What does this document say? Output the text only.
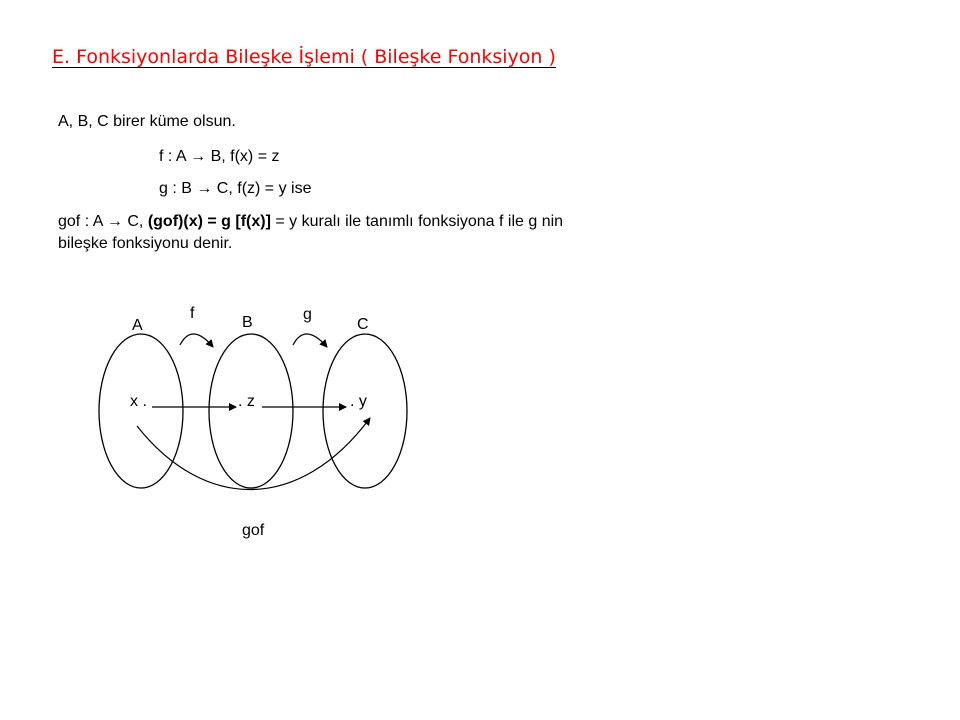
E. Fonksiyonlarda Bileşke İşlemi ( Bileşke Fonksiyon )
A, B, C birer küme olsun.
f : A → B, f(x) = z
g : B → C, f(z) = y ise
gof : A → C, (gof)(x) = g [f(x)] = y kuralı ile tanımlı fonksiyona f ile g nin
bileşke fonksiyonu denir.
A	B	C
f	g
x .	. z	. y
gof
